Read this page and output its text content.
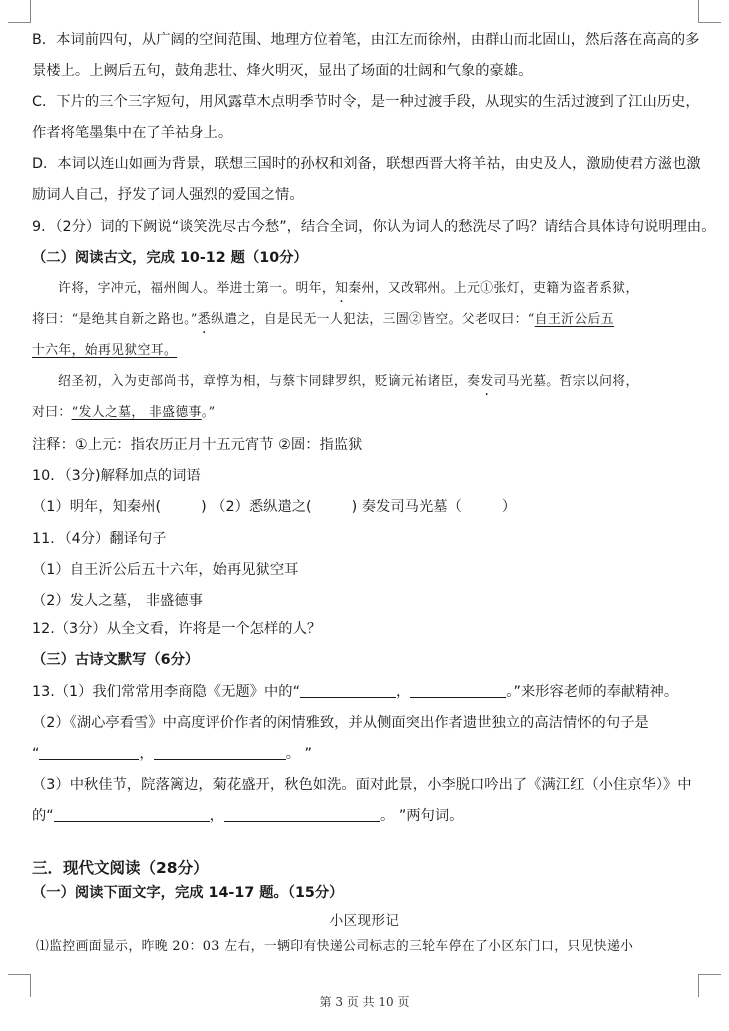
B．本词前四句，从广阔的空间范围、地理方位着笔，由江左而徐州，由群山而北固山，然后落在高高的多
景楼上。上阙后五句，鼓角悲壮、烽火明灭，显出了场面的壮阔和气象的豪雄。
C．下片的三个三字短句，用风露草木点明季节时令，是一种过渡手段，从现实的生活过渡到了江山历史，
作者将笔墨集中在了羊祜身上。
D．本词以连山如画为背景，联想三国时的孙权和刘备，联想西晋大将羊祜，由史及人，激励使君方滋也激
励词人自己，抒发了词人强烈的爱国之情。
9．（2分）词的下阙说“谈笑洗尽古今愁”，结合全词，你认为词人的愁洗尽了吗？请结合具体诗句说明理由。
（二）阅读古文，完成 10-12 题（10分）
许将，字冲元，福州闽人。举进士第一。明年，知秦州，又改郓州。上元①张灯，吏籍为盗者系狱，
将曰：“是绝其自新之路也。”悉纵遣之，自是民无一人犯法，三圄②皆空。父老叹曰：“自王沂公后五
十六年，始再见狱空耳。
绍圣初，入为吏部尚书，章惇为相，与蔡卞同肆罗织，贬谪元祐诸臣，奏发司马光墓。哲宗以问将，
对曰：“发人之墓， 非盛德事。”
注释：①上元：指农历正月十五元宵节 ②圄：指监狱
10．（3分)解释加点的词语
（1）明年，知秦州(	) （2）悉纵遣之(	) 奏发司马光墓（	）
11．（4分）翻译句子
（1）自王沂公后五十六年，始再见狱空耳
（2）发人之墓， 非盛德事
12.（3分）从全文看，许将是一个怎样的人？
（三）古诗文默写（6分）
13.（1）我们常常用李商隐《无题》中的“	，	。”来形容老师的奉献精神。
（2）《湖心亭看雪》中高度评价作者的闲情雅致，并从侧面突出作者遗世独立的高洁情怀的句子是
“	，	。 ”
（3）中秋佳节，院落篱边，菊花盛开，秋色如洗。面对此景，小李脱口吟出了《满江红（小住京华）》中
的“	，	。 ”两句词。
三．现代文阅读（28分）
（一）阅读下面文字，完成 14-17 题。（15分）
小区现形记
⑴监控画面显示，昨晚 20：03 左右，一辆印有快递公司标志的三轮车停在了小区东门口，只见快递小
第 3 页 共 10 页
